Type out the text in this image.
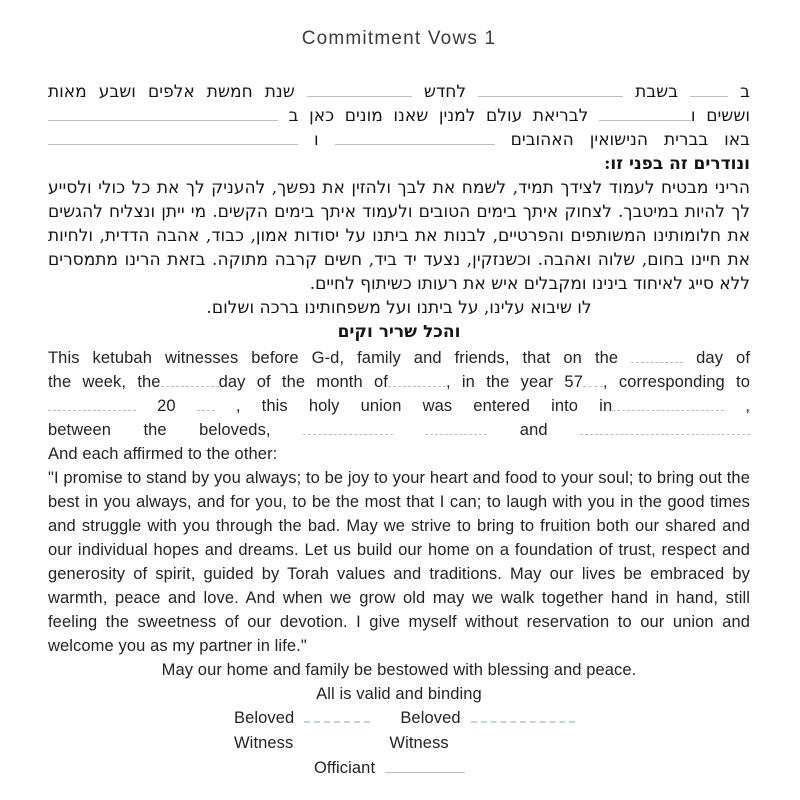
Commitment Vows 1
ב  בשבת  לחדש  שנת חמשת אלפים ושבע מאות
וששים ו לבריאת עולם למנין שאנו מונים כאן ב
באו בברית הנישואין האהובים  ו
ונודרים זה בפני זו:

הריני מבטיח לעמוד לצידך תמיד, לשמח את לבך ולהזין את נפשך, להעניק לך את כל כולי ולסייע לך להיות במיטבך. לצחוק איתך בימים הטובים ולעמוד איתך בימים הקשים. מי ייתן ונצליח להגשים את חלומותינו המשותפים והפרטיים, לבנות את ביתנו על יסודות אמון, כבוד, אהבה הדדית, ולחיות את חיינו בחום, שלוה ואהבה. וכשנזקין, נצעד יד ביד, חשים קרבה מתוקה. בזאת הרינו מתמסרים ללא סייג לאיחוד בינינו ומקבלים איש את רעותו כשיתוף לחיים.

לו שיבוא עלינו, על ביתנו ועל משפחותינו ברכה ושלום.
והכל שריר וקים
This ketubah witnesses before G-d, family and friends, that on the	day of
the week, the	day of the month of	, in the year 57 , corresponding to
20  , this holy union was entered into in	,
between the beloveds,	and
And each affirmed to the other:

"I promise to stand by you always; to be joy to your heart and food to your soul; to bring out the best in you always, and for you, to be the most that I can; to laugh with you in the good times and struggle with you through the bad. May we strive to bring to fruition both our shared and our individual hopes and dreams. Let us build our home on a foundation of trust, respect and generosity of spirit, guided by Torah values and traditions. May our lives be embraced by warmth, peace and love. And when we grow old may we walk together hand in hand, still feeling the sweetness of our devotion. I give myself without reservation to our union and welcome you as my partner in life."

May our home and family be bestowed with blessing and peace.
All is valid and binding
Beloved	Beloved
Witness	Witness
Officiant
